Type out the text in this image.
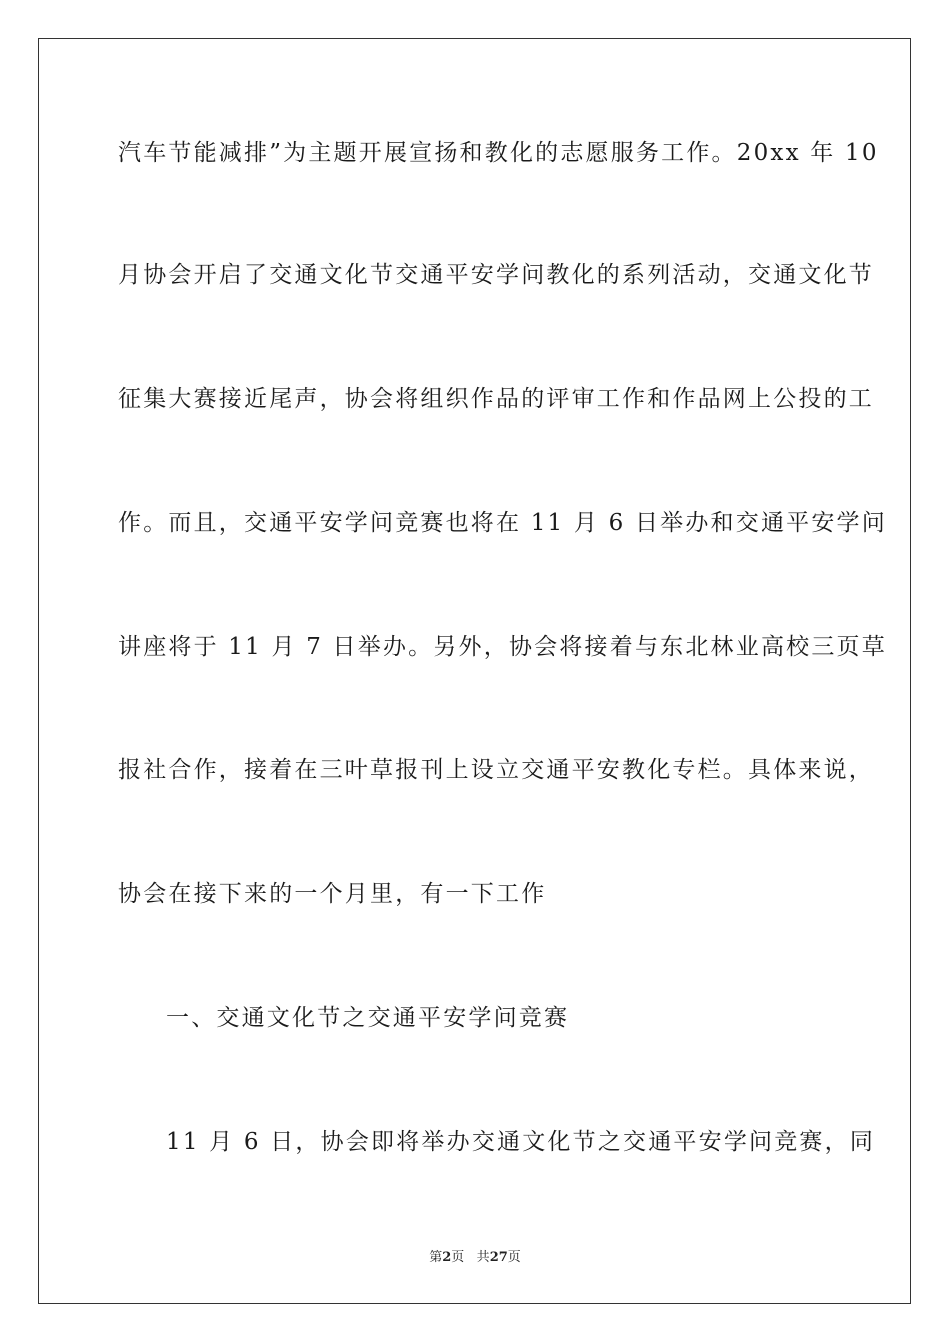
汽车节能减排”为主题开展宣扬和教化的志愿服务工作。20xx 年 10
月协会开启了交通文化节交通平安学问教化的系列活动，交通文化节
征集大赛接近尾声，协会将组织作品的评审工作和作品网上公投的工
作。而且，交通平安学问竞赛也将在 11 月 6 日举办和交通平安学问
讲座将于 11 月 7 日举办。另外，协会将接着与东北林业高校三页草
报社合作，接着在三叶草报刊上设立交通平安教化专栏。具体来说，
协会在接下来的一个月里，有一下工作
一、交通文化节之交通平安学问竞赛
11 月 6 日，协会即将举办交通文化节之交通平安学问竞赛，同
第2页 共27页
